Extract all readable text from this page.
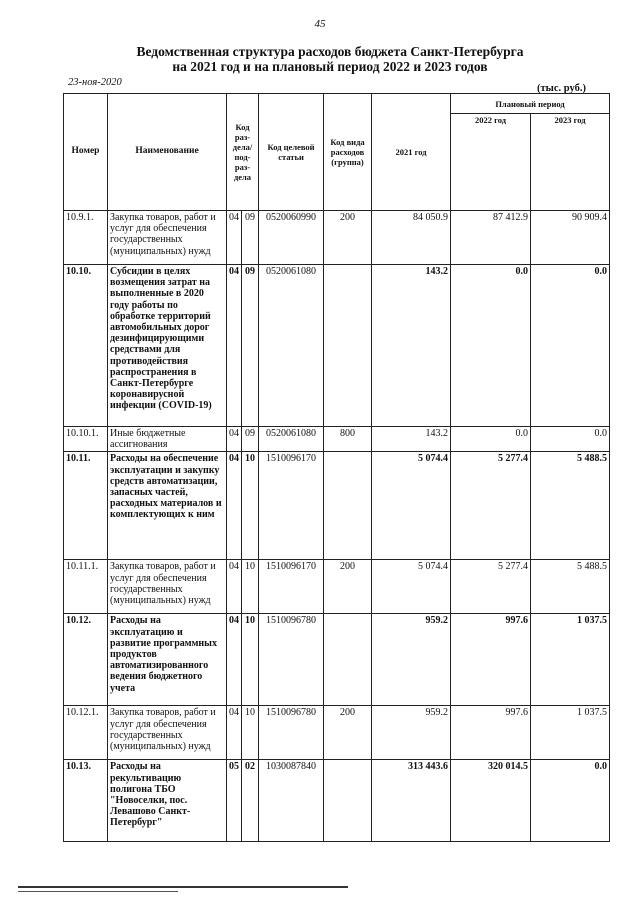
45
Ведомственная структура расходов бюджета Санкт-Петербурга
на 2021 год и на плановый период 2022 и 2023 годов
23-ноя-2020
(тыс. руб.)
Номер	Наименование	Код раз- дела/ под- раз- дела		Код целевой статьи	Код вида расходов (группа)	2021 год	Плановый период	
							2022 год	2023 год
10.9.1.	Закупка товаров, работ и услуг для обеспечения государственных (муниципальных) нужд	04	09	0520060990	200	84 050.9	87 412.9	90 909.4
10.10.	Субсидии в целях возмещения затрат на выполненные в 2020 году работы по обработке территорий автомобильных дорог дезинфицирующими средствами для противодействия распространения в Санкт-Петербурге коронавирусной инфекции (COVID-19)	04	09	0520061080		143.2	0.0	0.0
10.10.1.	Иные бюджетные ассигнования	04	09	0520061080	800	143.2	0.0	0.0
10.11.	Расходы на обеспечение эксплуатации и закупку средств автоматизации, запасных частей, расходных материалов и комплектующих к ним	04	10	1510096170		5 074.4	5 277.4	5 488.5
10.11.1.	Закупка товаров, работ и услуг для обеспечения государственных (муниципальных) нужд	04	10	1510096170	200	5 074.4	5 277.4	5 488.5
10.12.	Расходы на эксплуатацию и развитие программных продуктов автоматизированного ведения бюджетного учета	04	10	1510096780		959.2	997.6	1 037.5
10.12.1.	Закупка товаров, работ и услуг для обеспечения государственных (муниципальных) нужд	04	10	1510096780	200	959.2	997.6	1 037.5
10.13.	Расходы на рекультивацию полигона ТБО "Новоселки, пос. Левашово Санкт-Петербург"	05	02	1030087840		313 443.6	320 014.5	0.0
